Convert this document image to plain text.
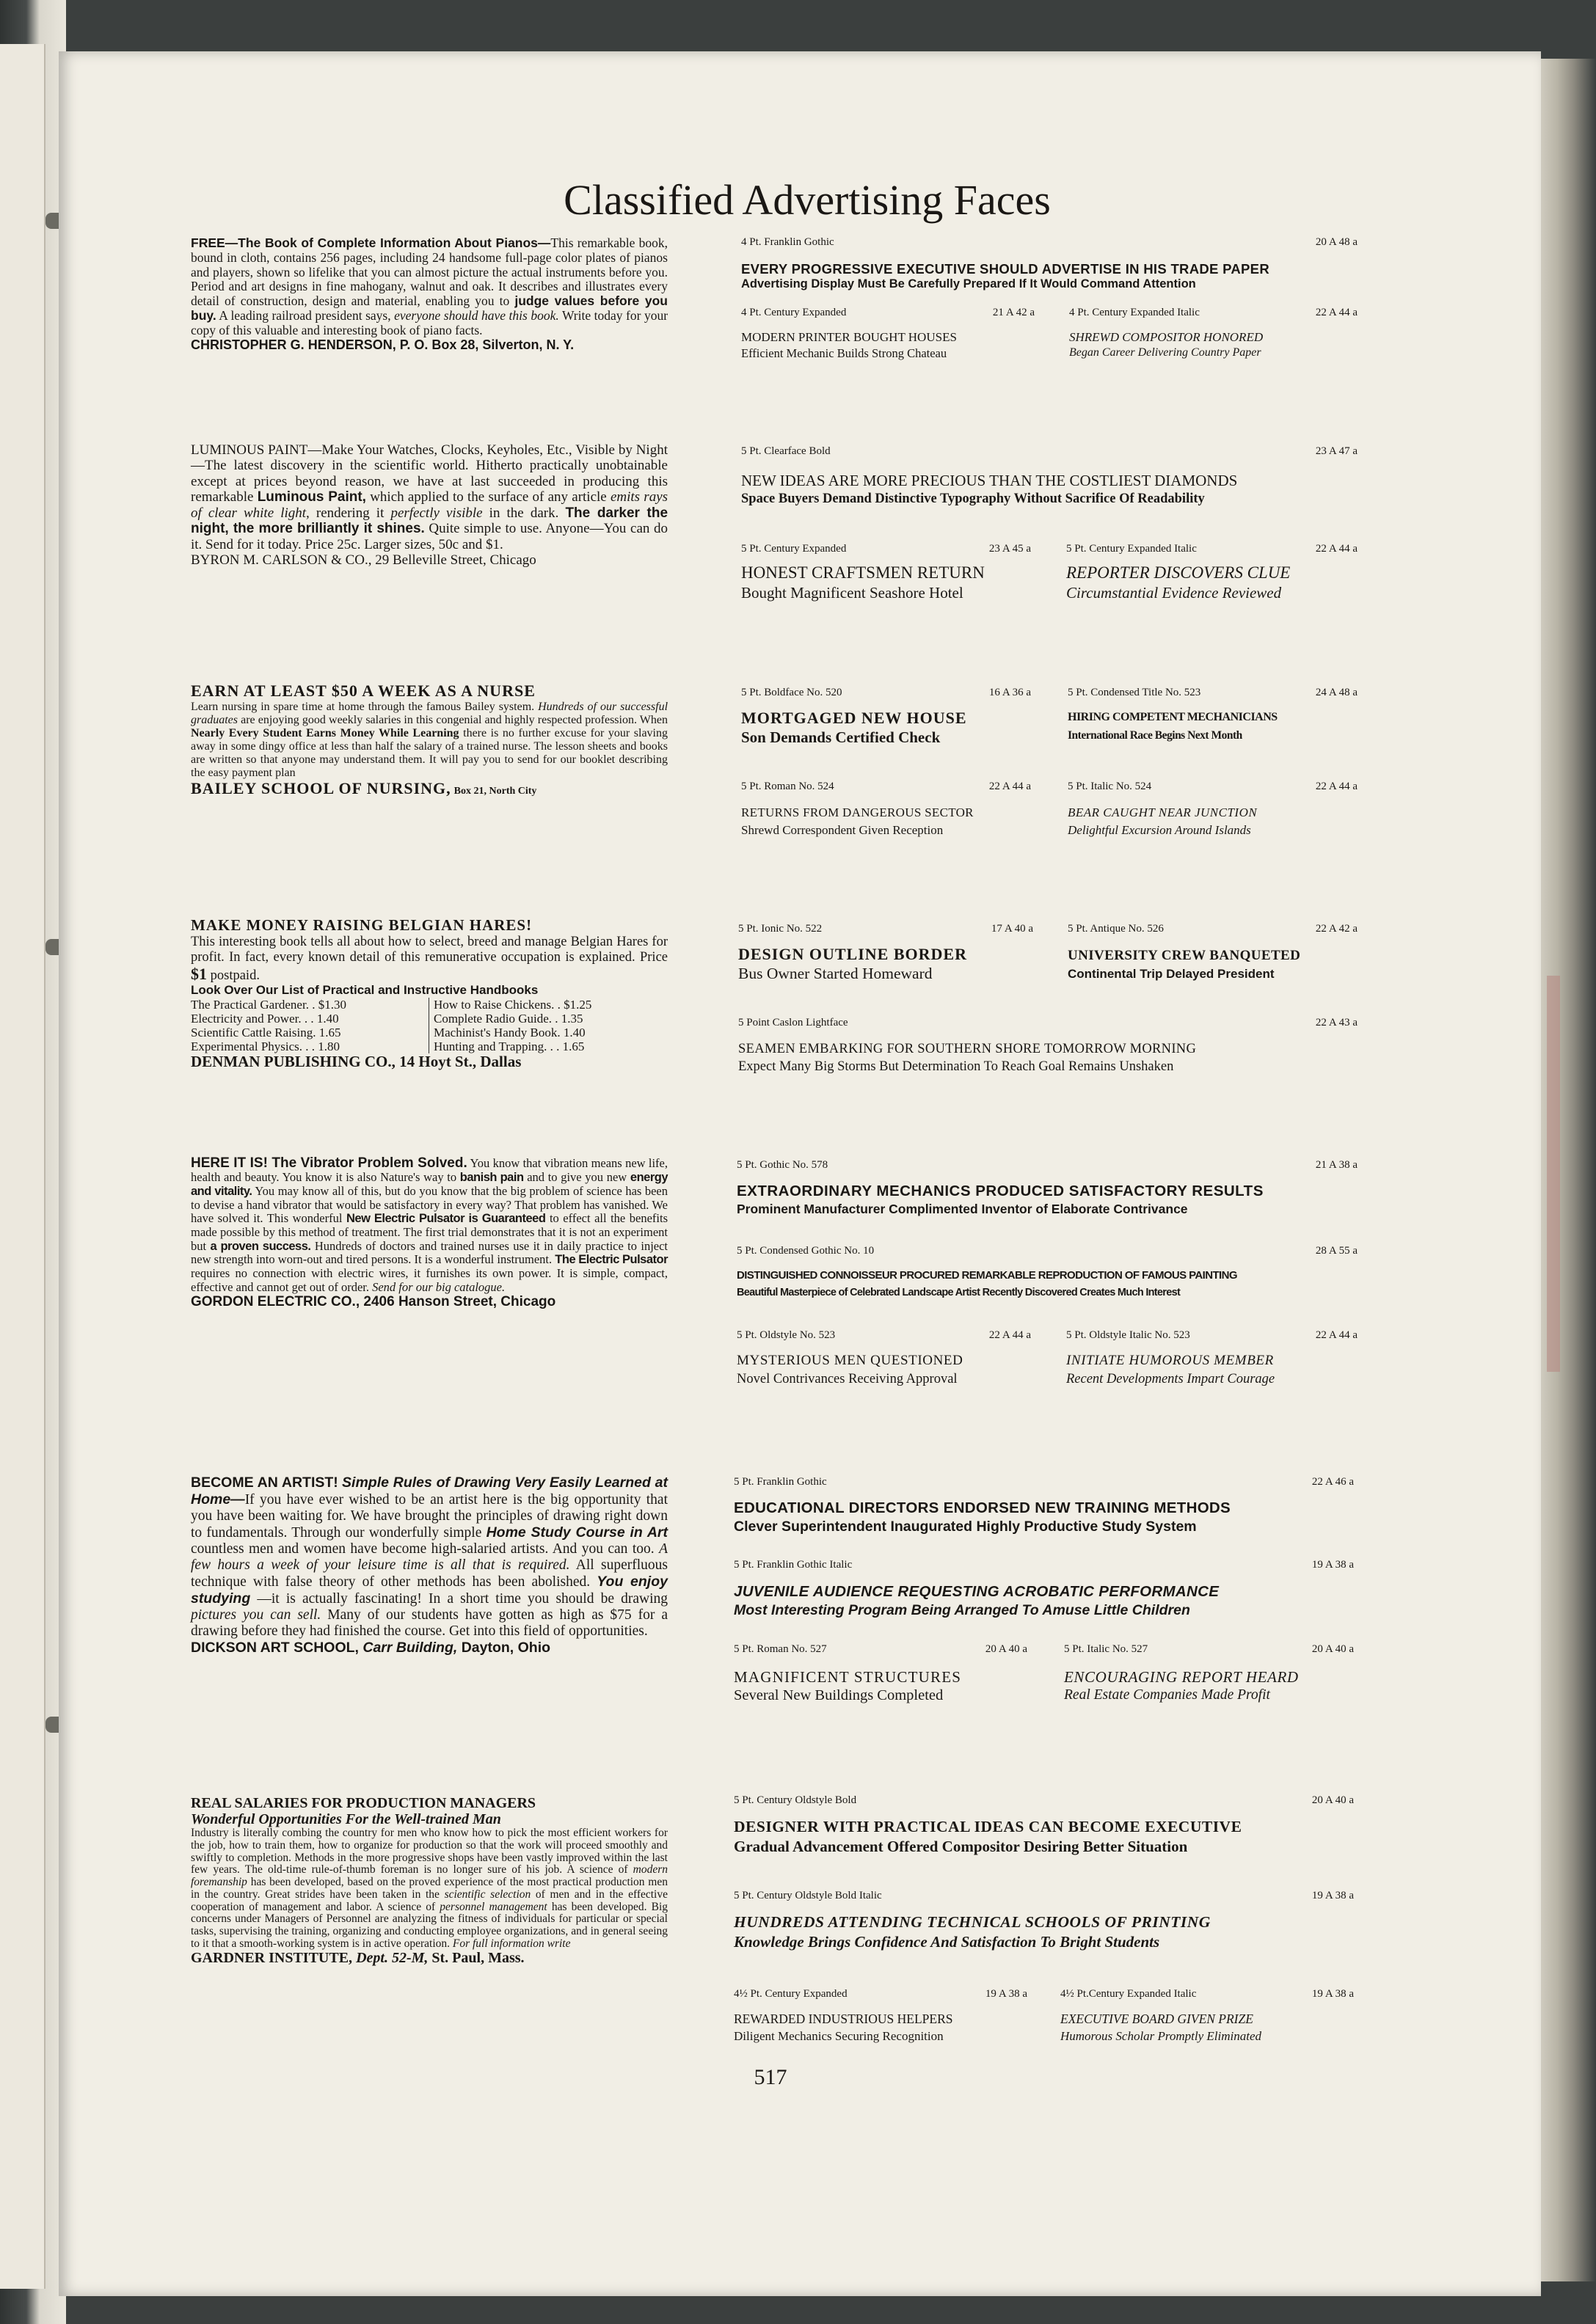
Classified Advertising Faces

FREE—The Book of Complete Information About Pianos—This remarkable book, bound in cloth, contains 256 pages, including 24 handsome full-page color plates of pianos and players, shown so lifelike that you can almost picture the actual instruments before you. Period and art designs in fine mahogany, walnut and oak. It describes and illustrates every detail of construction, design and material, enabling you to judge values before you buy. A leading railroad president says, everyone should have this book. Write today for your copy of this valuable and interesting book of piano facts.

CHRISTOPHER G. HENDERSON, P. O. Box 28, Silverton, N. Y.

LUMINOUS PAINT—Make Your Watches, Clocks, Keyholes, Etc., Visible by Night—The latest discovery in the scientific world. Hitherto practically unobtainable except at prices beyond reason, we have at last succeeded in producing this remarkable Luminous Paint, which applied to the surface of any article emits rays of clear white light, rendering it perfectly visible in the dark. The darker the night, the more brilliantly it shines. Quite simple to use. Anyone—You can do it. Send for it today. Price 25c. Larger sizes, 50c and $1.

BYRON M. CARLSON & CO., 29 Belleville Street, Chicago

EARN AT LEAST $50 A WEEK AS A NURSE

Learn nursing in spare time at home through the famous Bailey system. Hundreds of our successful graduates are enjoying good weekly salaries in this congenial and highly respected profession. When Nearly Every Student Earns Money While Learning there is no further excuse for your slaving away in some dingy office at less than half the salary of a trained nurse. The lesson sheets and books are written so that anyone may understand them. It will pay you to send for our booklet describing the easy payment plan

BAILEY SCHOOL OF NURSING, Box 21, North City

MAKE MONEY RAISING BELGIAN HARES!

This interesting book tells all about how to select, breed and manage Belgian Hares for profit. In fact, every known detail of this remunerative occupation is explained. Price $1 postpaid.

Look Over Our List of Practical and Instructive Handbooks

The Practical Gardener. . $1.30	How to Raise Chickens. . $1.25
Electricity and Power. . . 1.40	Complete Radio Guide. . 1.35
Scientific Cattle Raising. 1.65	Machinist's Handy Book. 1.40
Experimental Physics. . . 1.80	Hunting and Trapping. . . 1.65

DENMAN PUBLISHING CO., 14 Hoyt St., Dallas

HERE IT IS! The Vibrator Problem Solved. You know that vibration means new life, health and beauty. You know it is also Nature's way to banish pain and to give you new energy and vitality. You may know all of this, but do you know that the big problem of science has been to devise a hand vibrator that would be satisfactory in every way? That problem has vanished. We have solved it. This wonderful New Electric Pulsator is Guaranteed to effect all the benefits made possible by this method of treatment. The first trial demonstrates that it is not an experiment but a proven success. Hundreds of doctors and trained nurses use it in daily practice to inject new strength into worn-out and tired persons. It is a wonderful instrument. The Electric Pulsator requires no connection with electric wires, it furnishes its own power. It is simple, compact, effective and cannot get out of order. Send for our big catalogue.

GORDON ELECTRIC CO., 2406 Hanson Street, Chicago

BECOME AN ARTIST! Simple Rules of Drawing Very Easily Learned at Home—If you have ever wished to be an artist here is the big opportunity that you have been waiting for. We have brought the principles of drawing right down to fundamentals. Through our wonderfully simple Home Study Course in Art countless men and women have become high-salaried artists. And you can too. A few hours a week of your leisure time is all that is required. All superfluous technique with false theory of other methods has been abolished. You enjoy studying —it is actually fascinating! In a short time you should be drawing pictures you can sell. Many of our students have gotten as high as $75 for a drawing before they had finished the course. Get into this field of opportunities.

DICKSON ART SCHOOL, Carr Building, Dayton, Ohio

REAL SALARIES FOR PRODUCTION MANAGERS

Wonderful Opportunities For the Well-trained Man

Industry is literally combing the country for men who know how to pick the most efficient workers for the job, how to train them, how to organize for production so that the work will proceed smoothly and swiftly to completion. Methods in the more progressive shops have been vastly improved within the last few years. The old-time rule-of-thumb foreman is no longer sure of his job. A science of modern foremanship has been developed, based on the proved experience of the most practical production men in the country. Great strides have been taken in the scientific selection of men and in the effective cooperation of management and labor. A science of personnel management has been developed. Big concerns under Managers of Personnel are analyzing the fitness of individuals for particular or special tasks, supervising the training, organizing and conducting employee organizations, and in general seeing to it that a smooth-working system is in active operation. For full information write

GARDNER INSTITUTE, Dept. 52-M, St. Paul, Mass.

4 Pt. Franklin Gothic	20 A 48 a
EVERY PROGRESSIVE EXECUTIVE SHOULD ADVERTISE IN HIS TRADE PAPER
Advertising Display Must Be Carefully Prepared If It Would Command Attention
4 Pt. Century Expanded	21 A 42 a
MODERN PRINTER BOUGHT HOUSES
Efficient Mechanic Builds Strong Chateau
4 Pt. Century Expanded Italic	22 A 44 a
SHREWD COMPOSITOR HONORED
Began Career Delivering Country Paper
5 Pt. Clearface Bold	23 A 47 a
NEW IDEAS ARE MORE PRECIOUS THAN THE COSTLIEST DIAMONDS
Space Buyers Demand Distinctive Typography Without Sacrifice Of Readability
5 Pt. Century Expanded	23 A 45 a
HONEST CRAFTSMEN RETURN
Bought Magnificent Seashore Hotel
5 Pt. Century Expanded Italic	22 A 44 a
REPORTER DISCOVERS CLUE
Circumstantial Evidence Reviewed
5 Pt. Boldface No. 520	16 A 36 a
MORTGAGED NEW HOUSE
Son Demands Certified Check
5 Pt. Condensed Title No. 523	24 A 48 a
HIRING COMPETENT MECHANICIANS
International Race Begins Next Month
5 Pt. Roman No. 524	22 A 44 a
RETURNS FROM DANGEROUS SECTOR
Shrewd Correspondent Given Reception
5 Pt. Italic No. 524	22 A 44 a
BEAR CAUGHT NEAR JUNCTION
Delightful Excursion Around Islands
5 Pt. Ionic No. 522	17 A 40 a
DESIGN OUTLINE BORDER
Bus Owner Started Homeward
5 Pt. Antique No. 526	22 A 42 a
UNIVERSITY CREW BANQUETED
Continental Trip Delayed President
5 Point Caslon Lightface	22 A 43 a
SEAMEN EMBARKING FOR SOUTHERN SHORE TOMORROW MORNING
Expect Many Big Storms But Determination To Reach Goal Remains Unshaken
5 Pt. Gothic No. 578	21 A 38 a
EXTRAORDINARY MECHANICS PRODUCED SATISFACTORY RESULTS
Prominent Manufacturer Complimented Inventor of Elaborate Contrivance
5 Pt. Condensed Gothic No. 10	28 A 55 a
DISTINGUISHED CONNOISSEUR PROCURED REMARKABLE REPRODUCTION OF FAMOUS PAINTING
Beautiful Masterpiece of Celebrated Landscape Artist Recently Discovered Creates Much Interest
5 Pt. Oldstyle No. 523	22 A 44 a
MYSTERIOUS MEN QUESTIONED
Novel Contrivances Receiving Approval
5 Pt. Oldstyle Italic No. 523	22 A 44 a
INITIATE HUMOROUS MEMBER
Recent Developments Impart Courage
5 Pt. Franklin Gothic	22 A 46 a
EDUCATIONAL DIRECTORS ENDORSED NEW TRAINING METHODS
Clever Superintendent Inaugurated Highly Productive Study System
5 Pt. Franklin Gothic Italic	19 A 38 a
JUVENILE AUDIENCE REQUESTING ACROBATIC PERFORMANCE
Most Interesting Program Being Arranged To Amuse Little Children
5 Pt. Roman No. 527	20 A 40 a
MAGNIFICENT STRUCTURES
Several New Buildings Completed
5 Pt. Italic No. 527	20 A 40 a
ENCOURAGING REPORT HEARD
Real Estate Companies Made Profit
5 Pt. Century Oldstyle Bold	20 A 40 a
DESIGNER WITH PRACTICAL IDEAS CAN BECOME EXECUTIVE
Gradual Advancement Offered Compositor Desiring Better Situation
5 Pt. Century Oldstyle Bold Italic	19 A 38 a
HUNDREDS ATTENDING TECHNICAL SCHOOLS OF PRINTING
Knowledge Brings Confidence And Satisfaction To Bright Students
4½ Pt. Century Expanded	19 A 38 a
REWARDED INDUSTRIOUS HELPERS
Diligent Mechanics Securing Recognition
4½ Pt.Century Expanded Italic	19 A 38 a
EXECUTIVE BOARD GIVEN PRIZE
Humorous Scholar Promptly Eliminated
517
